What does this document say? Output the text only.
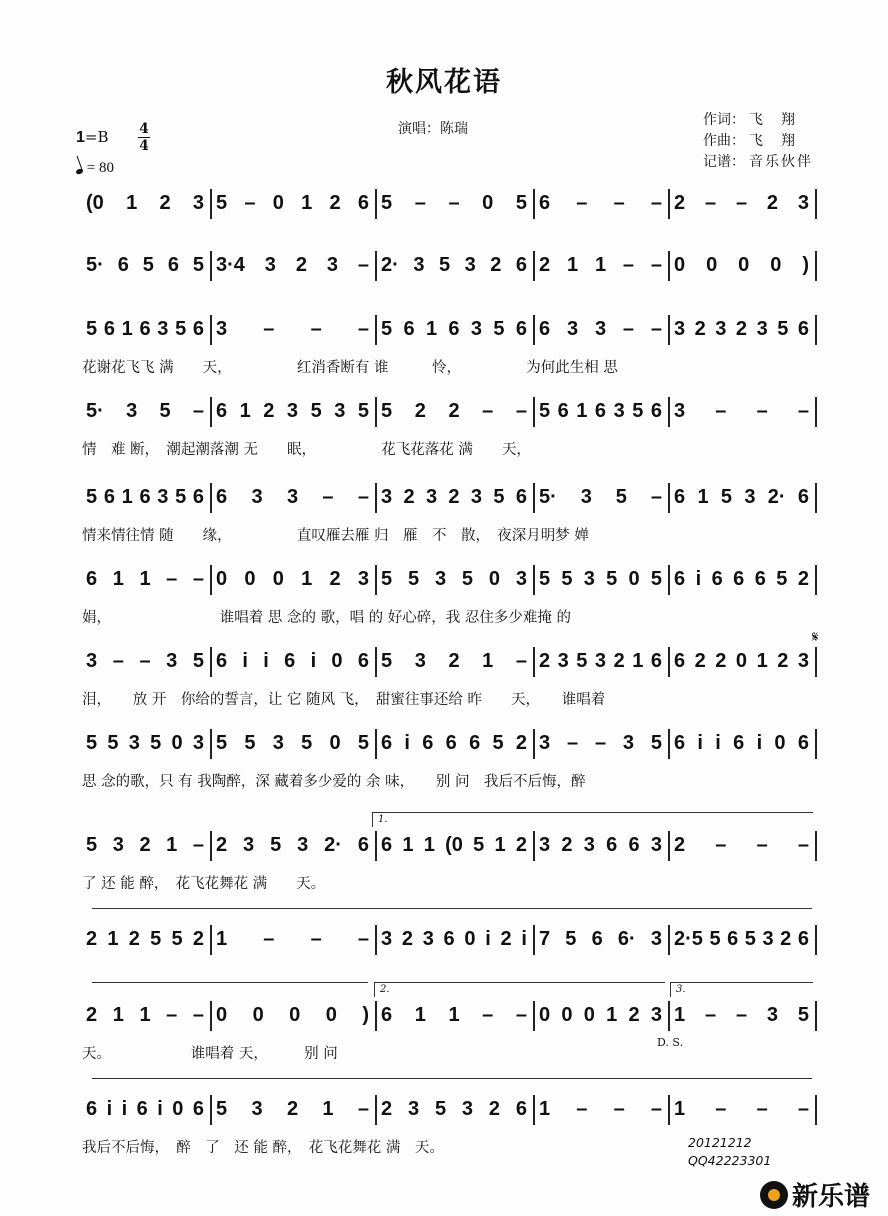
秋风花语
演唱：陈瑞
作词： 飞　翔
作曲： 飞　翔
记谱： 音乐伙伴
1=B 4
4
= 80
(0 1 2 3 5 – 0 1 2 6 5 – – 0 5 6 – – – 2 – – 2 3
5· 6 5 6 5 3·4 3 2 3 – 2· 3 5 3 2 6 2 1 1 – – 0 0 0 0 )
5 6 1 6 3 5 6 3 – – – 5 6 1 6 3 5 6 6 3 3 – – 3 2 3 2 3 5 6
花谢花飞飞 满　　天，　　　　　红消香断有 谁　　　怜，　　　　　为何此生相 思
5· 3 5 – 6 1 2 3 5 3 5 5 2 2 – – 5 6 1 6 3 5 6 3 – – –
情　难 断，　潮起潮落潮 无　　眠，　　　　　花飞花落花 满　　天，
5 6 1 6 3 5 6 6 3 3 – – 3 2 3 2 3 5 6 5· 3 5 – 6 1 5 3 2· 6
情来情往情 随　　缘，　　　　　直叹雁去雁 归　雁　不　散，　夜深月明梦 婵
6 1 1 – – 0 0 0 1 2 3 5 5 3 5 0 3 5 5 3 5 0 5 6 i 6 6 6 5 2
娟，　　　　　　　　谁唱着 思 念的 歌，唱 的 好心碎，我 忍住多少难掩 的
3 – – 3 5 6 i i 6 i 0 6 5 3 2 1 – 2 3 5 3 2 1 6 6 2 2 0 1 2 3
泪，　　放 开　你给的誓言，让 它 随风 飞，　甜蜜往事还给 昨　　天，　　谁唱着
5 5 3 5 0 3 5 5 3 5 0 5 6 i 6 6 6 5 2 3 – – 3 5 6 i i 6 i 0 6
思 念的歌，只 有 我陶醉，深 藏着多少爱的 余 味，　　别 问　我后不后悔，醉
5 3 2 1 – 2 3 5 3 2· 6 6 1 1 (0 5 1 2 3 2 3 6 6 3 2 – – –
了 还 能 醉，　花飞花舞花 满　　天。
2 1 2 5 5 2 1 – – – 3 2 3 6 0 i 2 i 7 5 6 6· 3 2·5 5 6 5 3 2 6
2 1 1 – – 0 0 0 0 ) 6 1 1 – – 0 0 0 1 2 3 1 – – 3 5
天。　　　　　　谁唱着 天，　　　别 问
6 i i 6 i 0 6 5 3 2 1 – 2 3 5 3 2 6 1 – – – 1 – – –
我后不后悔，　醉　了　还 能 醉，　花飞花舞花 满　天。
1.
2.	3.
𝄋
D. S.
20121212
QQ42223301
新乐谱
